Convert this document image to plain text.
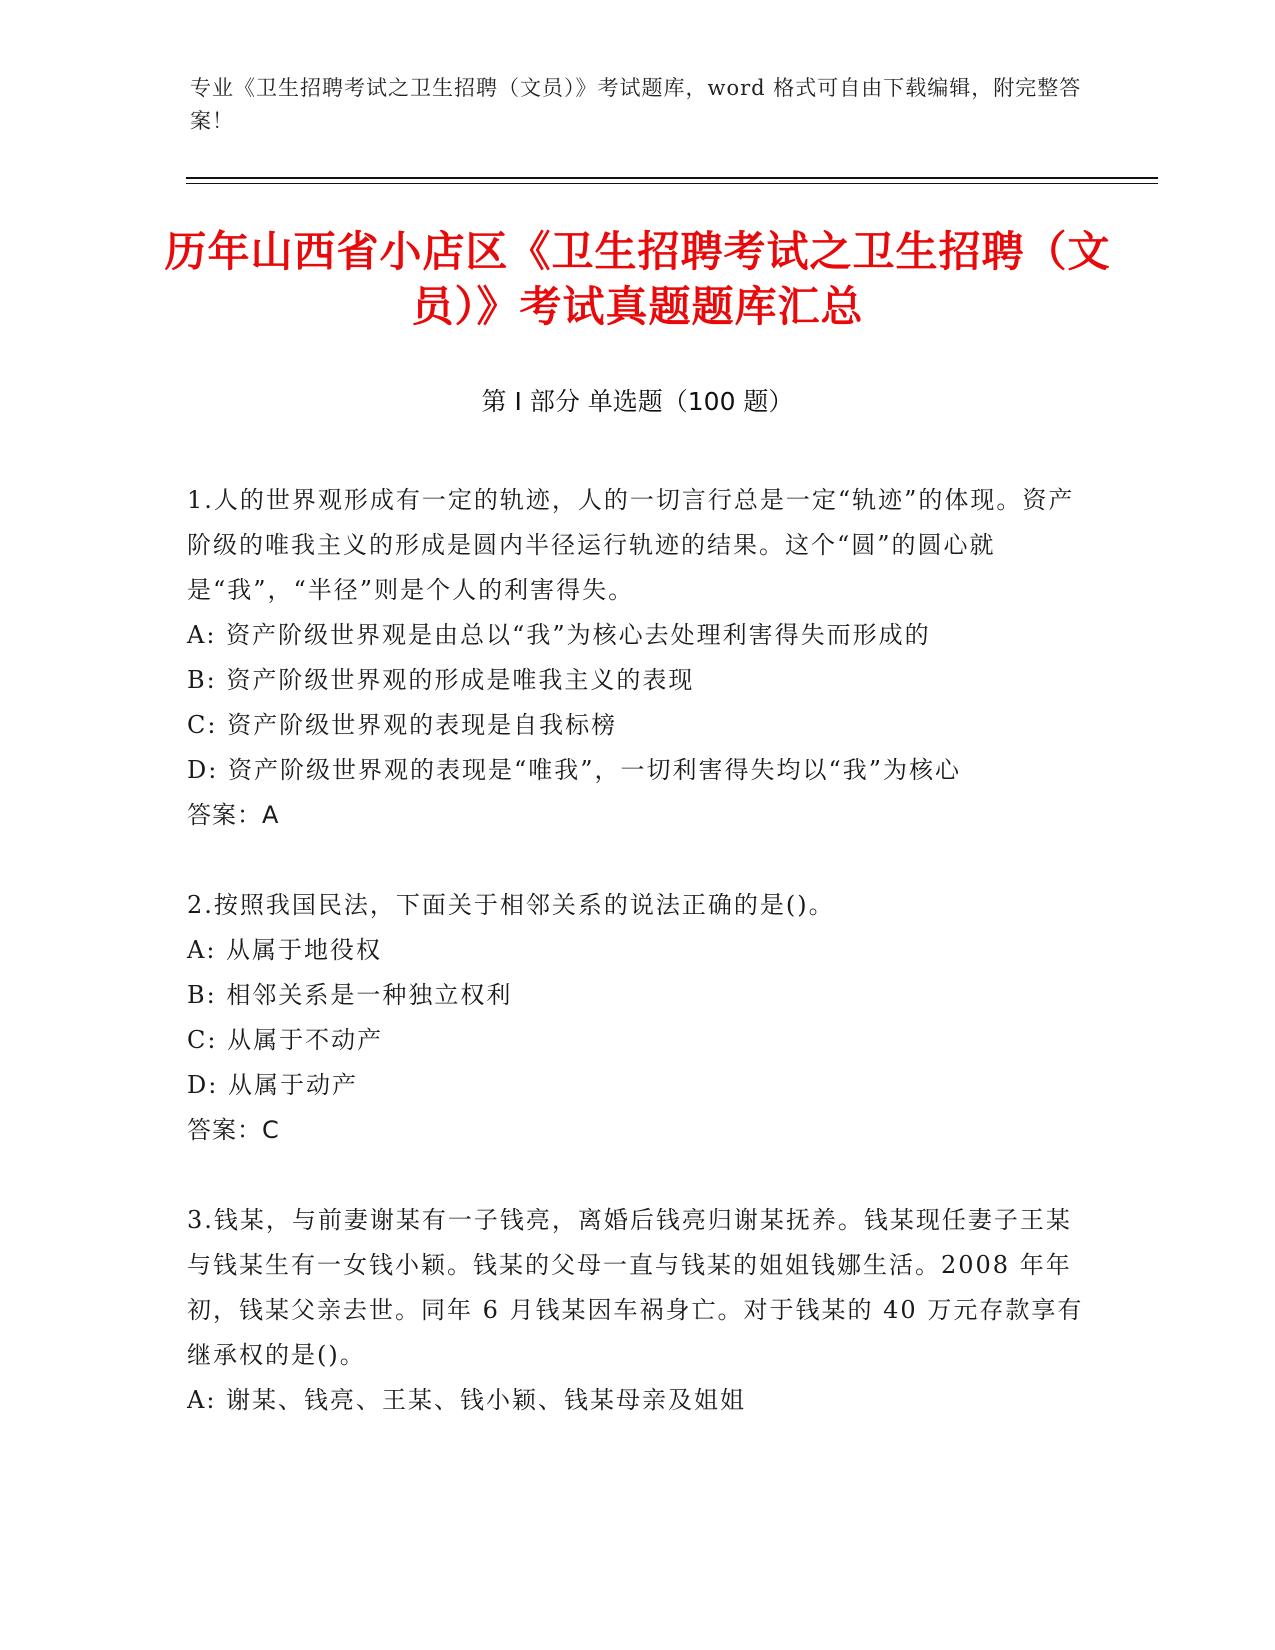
专业《卫生招聘考试之卫生招聘（文员）》考试题库，word 格式可自由下载编辑，附完整答案！
历年山西省小店区《卫生招聘考试之卫生招聘（文员）》考试真题题库汇总
第 I 部分 单选题（100 题）

1.人的世界观形成有一定的轨迹，人的一切言行总是一定“轨迹”的体现。资产阶级的唯我主义的形成是圆内半径运行轨迹的结果。这个“圆”的圆心就是“我”，“半径”则是个人的利害得失。

A: 资产阶级世界观是由总以“我”为核心去处理利害得失而形成的

B: 资产阶级世界观的形成是唯我主义的表现

C: 资产阶级世界观的表现是自我标榜

D: 资产阶级世界观的表现是“唯我”，一切利害得失均以“我”为核心

答案：A

2.按照我国民法，下面关于相邻关系的说法正确的是()。

A: 从属于地役权

B: 相邻关系是一种独立权利

C: 从属于不动产

D: 从属于动产

答案：C

3.钱某，与前妻谢某有一子钱亮，离婚后钱亮归谢某抚养。钱某现任妻子王某与钱某生有一女钱小颖。钱某的父母一直与钱某的姐姐钱娜生活。2008 年年初，钱某父亲去世。同年 6 月钱某因车祸身亡。对于钱某的 40 万元存款享有继承权的是()。

A: 谢某、钱亮、王某、钱小颖、钱某母亲及姐姐
